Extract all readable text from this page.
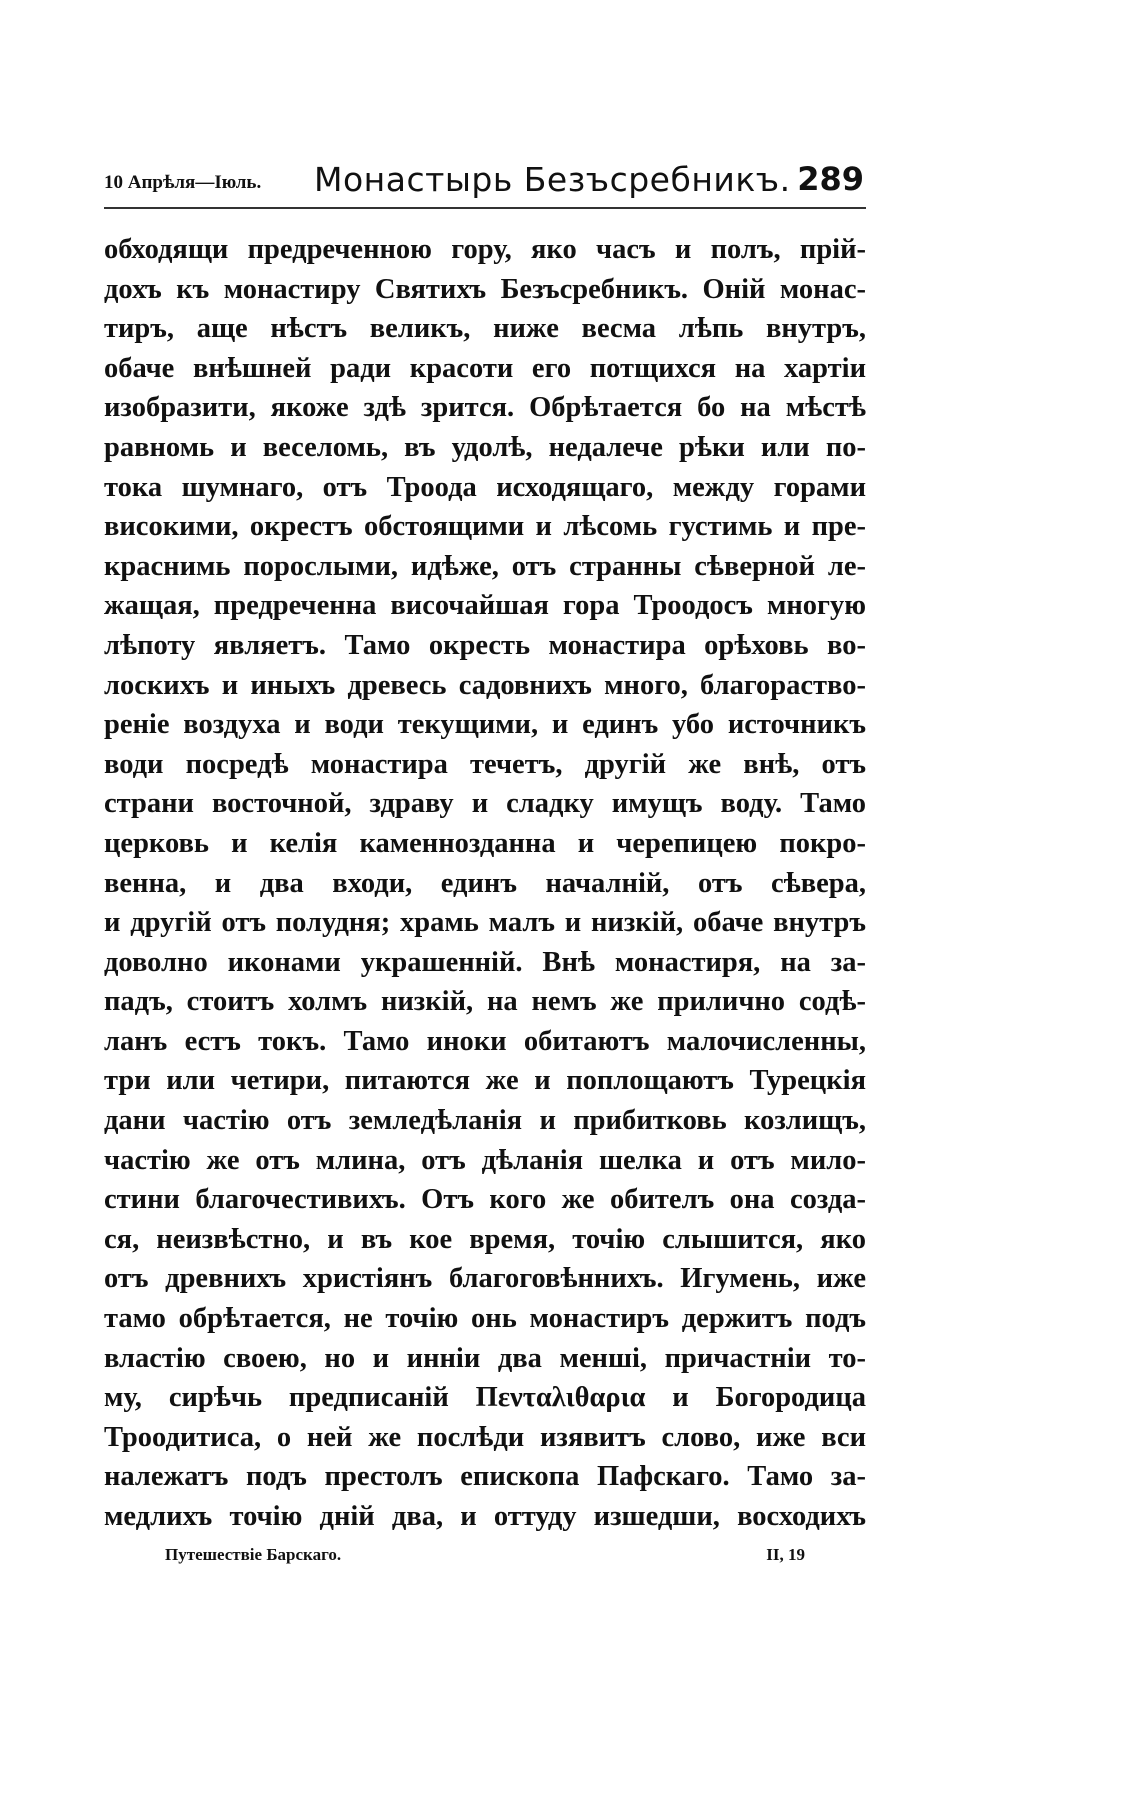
10 Апрѣля—Іюль. Монастырь Безъсребникъ. 289
обходящи предреченною гору, яко часъ и полъ, прій-
дохъ къ монастиру Святихъ Безъсребникъ. Оній монас-
тиръ, аще нѣстъ великъ, ниже весма лѣпь внутръ,
обаче внѣшней ради красоти его потщихся на хартіи
изобразити, якоже здѣ зрится. Обрѣтается бо на мѣстѣ
равномь и веселомь, въ удолѣ, недалече рѣки или по-
тока шумнаго, отъ Троода исходящаго, между горами
високими, окрестъ обстоящими и лѣсомь густимь и пре-
краснимь порослыми, идѣже, отъ странны сѣверной ле-
жащая, предреченна височайшая гора Троодосъ многую
лѣпоту являетъ. Тамо окресть монастира орѣховь во-
лоскихъ и иныхъ древесь садовнихъ много, благораство-
реніе воздуха и води текущими, и единъ убо источникъ
води посредѣ монастира течетъ, другій же внѣ, отъ
страни восточной, здраву и сладку имущъ воду. Тамо
церковь и келія каменнозданна и черепицею покро-
венна, и два входи, единъ началній, отъ сѣвера,
и другій отъ полудня; храмь малъ и низкій, обаче внутръ
доволно иконами украшенній. Внѣ монастиря, на за-
падъ, стоитъ холмъ низкій, на немъ же прилично содѣ-
ланъ естъ токъ. Тамо иноки обитаютъ малочисленны,
три или четири, питаются же и поплощаютъ Турецкія
дани частію отъ земледѣланія и прибитковь козлищъ,
частію же отъ млина, отъ дѣланія шелка и отъ мило-
стини благочестивихъ. Отъ кого же обителъ она созда-
ся, неизвѣстно, и въ кое время, точію слышится, яко
отъ древнихъ христіянъ благоговѣннихъ. Игумень, иже
тамо обрѣтается, не точію онь монастиръ держитъ подъ
властію своею, но и инніи два менші, причастніи то-
му, сирѣчь предписаній Πενταλιθαρια и Богородица
Троодитиса, о ней же послѣди изявитъ слово, иже вси
належатъ подъ престолъ епископа Пафскаго. Тамо за-
медлихъ точію дній два, и оттуду изшедши, восходихъ
Путешествіе Барскаго.	II, 19
